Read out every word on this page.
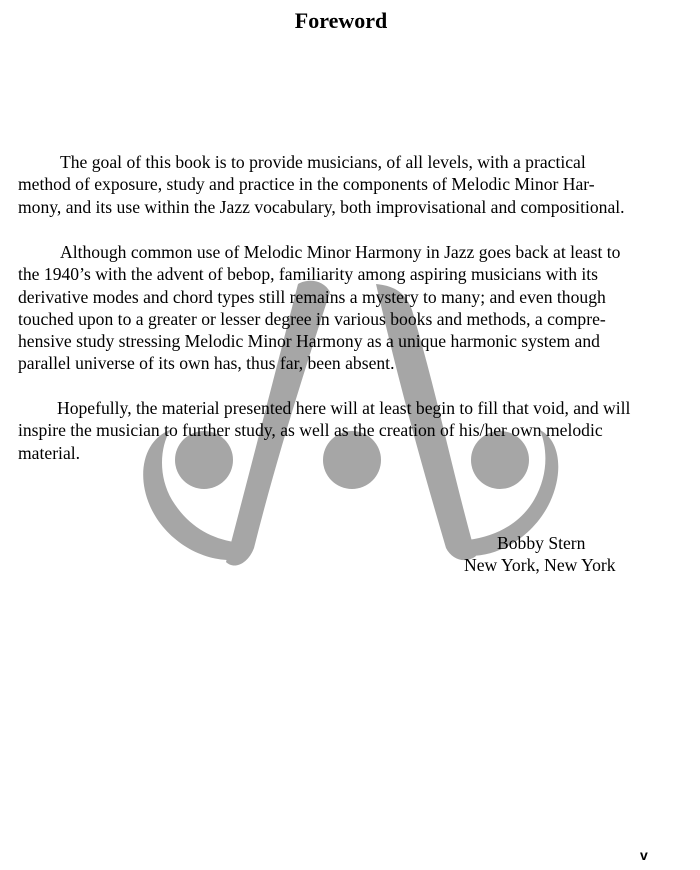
Foreword

The goal of this book is to provide musicians, of all levels, with a practical
method of exposure, study and practice in the components of Melodic Minor Har-
mony, and its use within the Jazz vocabulary, both improvisational and compositional.

Although common use of Melodic Minor Harmony in Jazz goes back at least to
the 1940’s with the advent of bebop, familiarity among aspiring musicians with its
derivative modes and chord types still remains a mystery to many; and even though
touched upon to a greater or lesser degree in various books and methods, a compre-
hensive study stressing Melodic Minor Harmony as a unique harmonic system and
parallel universe of its own has, thus far, been absent.

Hopefully, the material presented here will at least begin to fill that void, and will
inspire the musician to further study, as well as the creation of his/her own melodic
material.

Bobby Stern
New York, New York
v
